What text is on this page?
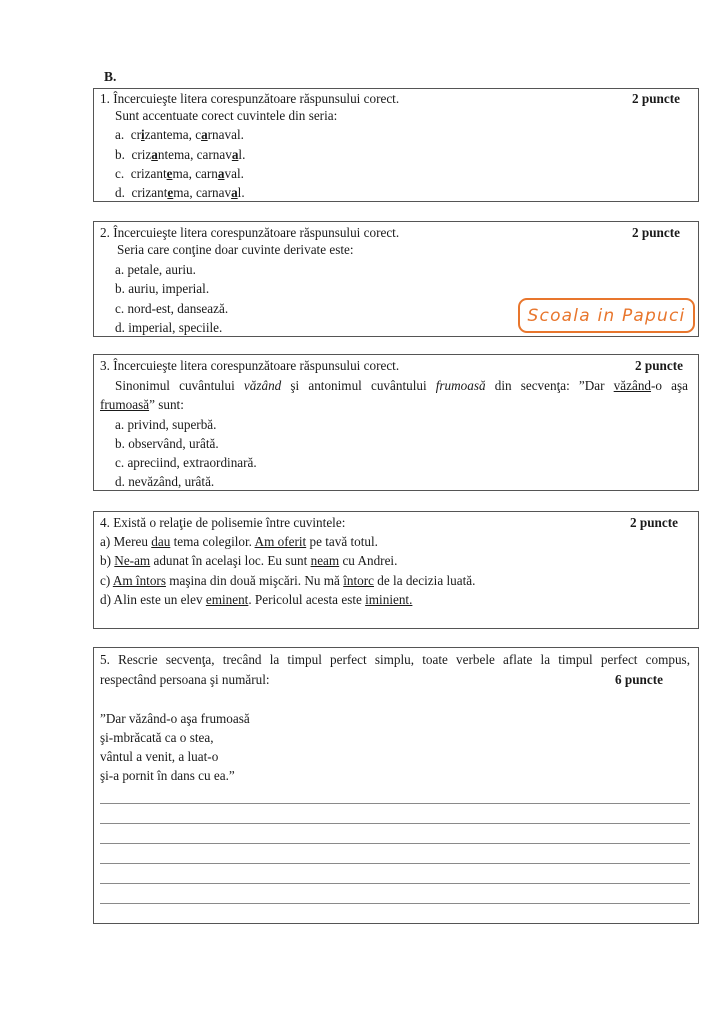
B.
1. Încercuieşte litera corespunzătoare răspunsului corect.	2 puncte
Sunt accentuate corect cuvintele din seria:
a. crizantema, carnaval.
b. crizantema, carnaval.
c. crizantema, carnaval.
d. crizantema, carnaval.
2. Încercuieşte litera corespunzătoare răspunsului corect.	2 puncte
Seria care conţine doar cuvinte derivate este:
a. petale, auriu.
b. auriu, imperial.
c. nord-est, dansează.
d. imperial, speciile.
Scoala in Papuci
3. Încercuieşte litera corespunzătoare răspunsului corect.	2 puncte
Sinonimul cuvântului văzând şi antonimul cuvântului frumoasă din secvenţa: ”Dar văzând-o aşa
frumoasă” sunt:
a. privind, superbă.
b. observând, urâtă.
c. apreciind, extraordinară.
d. nevăzând, urâtă.
4. Există o relaţie de polisemie între cuvintele:	2 puncte
a) Mereu dau tema colegilor. Am oferit pe tavă totul.
b) Ne-am adunat în acelaşi loc. Eu sunt neam cu Andrei.
c) Am întors maşina din două mişcări. Nu mă întorc de la decizia luată.
d) Alin este un elev eminent. Pericolul acesta este iminient.
5. Rescrie secvenţa, trecând la timpul perfect simplu, toate verbele aflate la timpul perfect compus,
respectând persoana şi numărul:	6 puncte
”Dar văzând-o aşa frumoasă
şi-mbrăcată ca o stea,
vântul a venit, a luat-o
şi-a pornit în dans cu ea.”
